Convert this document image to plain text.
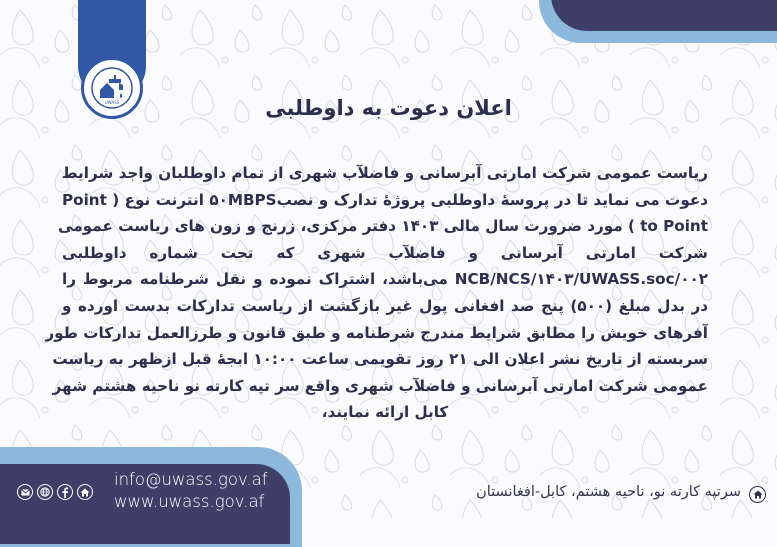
UWASS	اعلان دعوت به داوطلبی
ریاست عمومی شرکت امارتی آبرسانی و فاضلآب شهری از تمام داوطلبان واجد شرایط
دعوت می نماید تا در پروسهٔ داوطلبی پروژهٔ تدارک و نصب۵۰MBPS انترنت نوع ( Point
to Point ) مورد ضرورت سال مالی ۱۴۰۳ دفتر مرکزی، زرنج و زون های ریاست عمومی
شرکت امارتی آبرسانی و فاضلآب شهری که تحت شماره داوطلبی
۰۰۲/NCB/NCS/۱۴۰۳/UWASS.soc می‌باشد، اشتراک نموده و نقل شرطنامه مربوط را
در بدل مبلغ (۵۰۰) پنج صد افغانی پول غیر بازگشت از ریاست تدارکات بدست اورده و
آفرهای خویش را مطابق شرایط مندرج شرطنامه و طبق قانون و طرزالعمل تدارکات طور
سربسته از تاریخ نشر اعلان الی ۲۱ روز تقویمی ساعت ۱۰:۰۰ ابجهٔ قبل ازظهر به ریاست
عمومی شرکت امارتی آبرسانی و فاضلآب شهری واقع سر تپه کارته نو ناحیه هشتم شهر
کابل ارائه نمایند،
info@uwass.gov.af
www.uwass.gov.af	سرتپه کارته نو، ناحیه هشتم، کابل-افغانستان
